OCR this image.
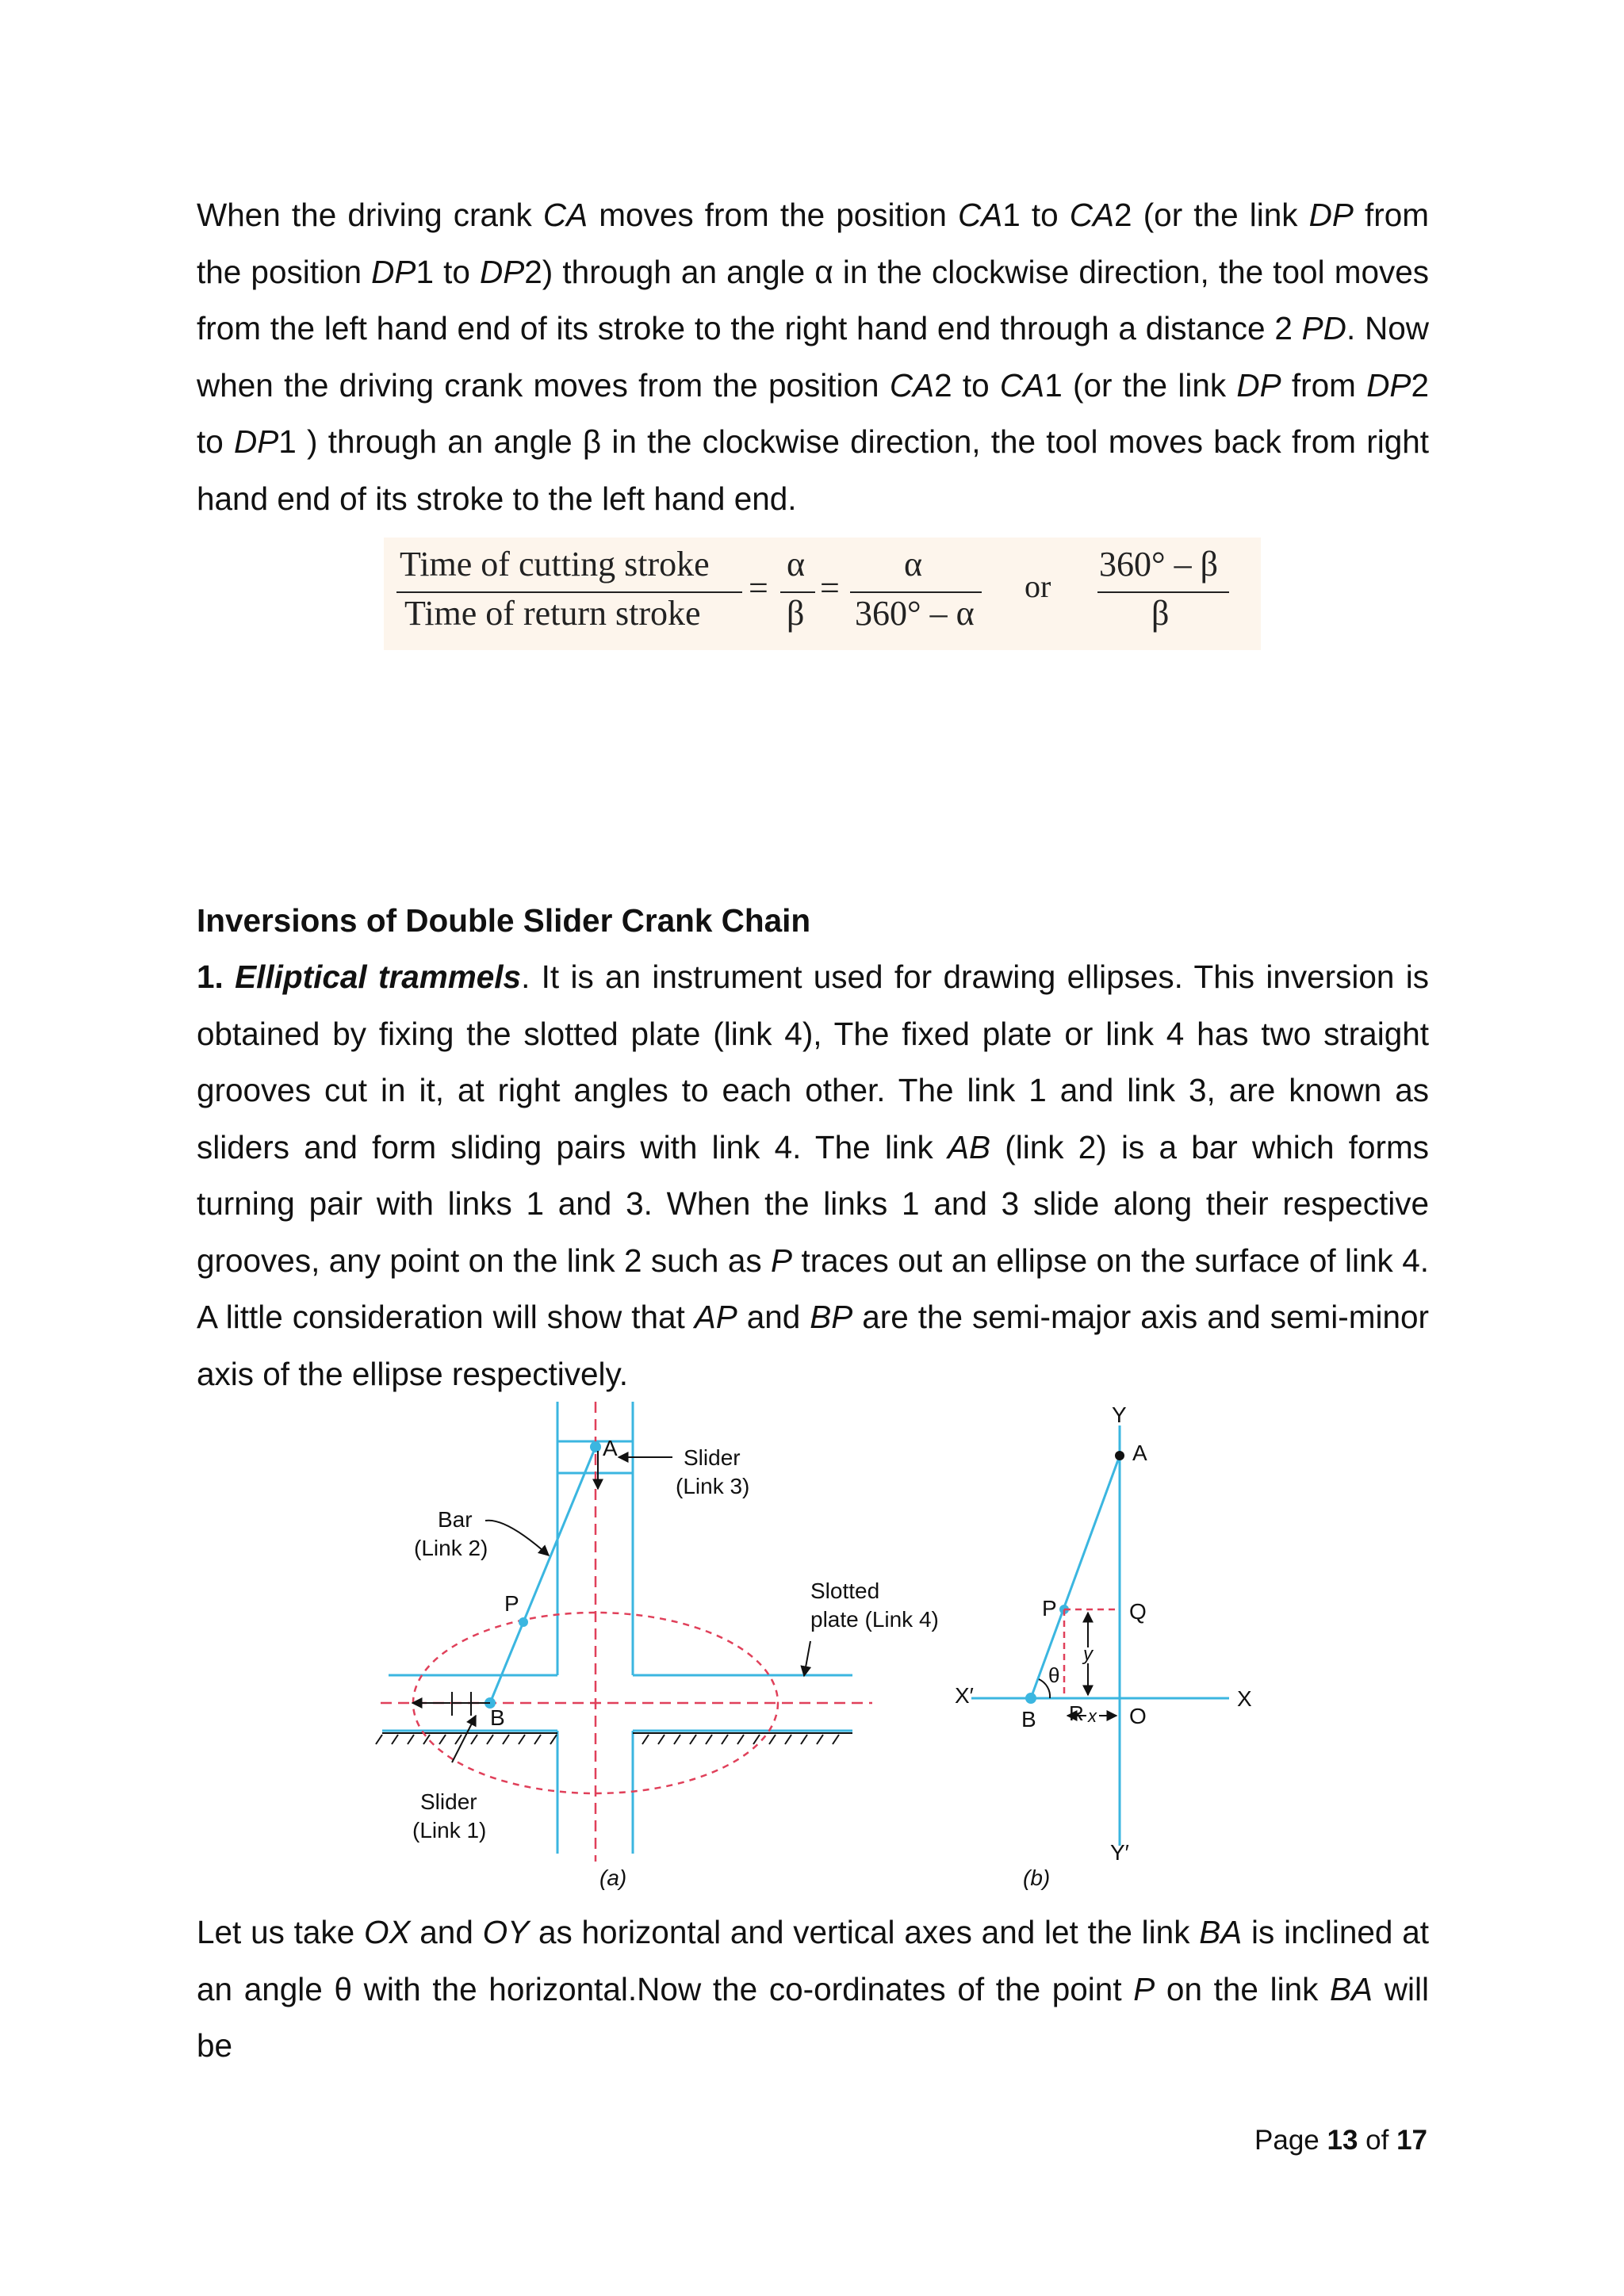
When the driving crank CA moves from the position CA1 to CA2 (or the link DP from the position DP1 to DP2) through an angle α in the clockwise direction, the tool moves from the left hand end of its stroke to the right hand end through a distance 2 PD. Now when the driving crank moves from the position CA2 to CA1 (or the link DP from DP2 to DP1 ) through an angle β in the clockwise direction, the tool moves back from right hand end of its stroke to the left hand end.

Time of cutting stroke
Time of return stroke
=
α
β
=
α
360° – α
or
360° – β
β
Inversions of Double Slider Crank Chain

1. Elliptical trammels. It is an instrument used for drawing ellipses. This inversion is obtained by fixing the slotted plate (link 4), The fixed plate or link 4 has two straight grooves cut in it, at right angles to each other. The link 1 and link 3, are known as sliders and form sliding pairs with link 4. The link AB (link 2) is a bar which forms turning pair with links 1 and 3. When the links 1 and 3 slide along their respective grooves, any point on the link 2 such as P traces out an ellipse on the surface of link 4. A little consideration will show that AP and BP are the semi-major axis and semi-minor axis of the ellipse respectively.

A	Slider
(Link 3)
Bar
(Link 2)
P
Slotted
plate (Link 4)
B
Slider
(Link 1)
(a)
Y
A
P	Q
y
θ
X′	X
B R O
x
Y′
(b)

Let us take OX and OY as horizontal and vertical axes and let the link BA is inclined at an angle θ with the horizontal.Now the co-ordinates of the point P on the link BA will be

Page 13 of 17
